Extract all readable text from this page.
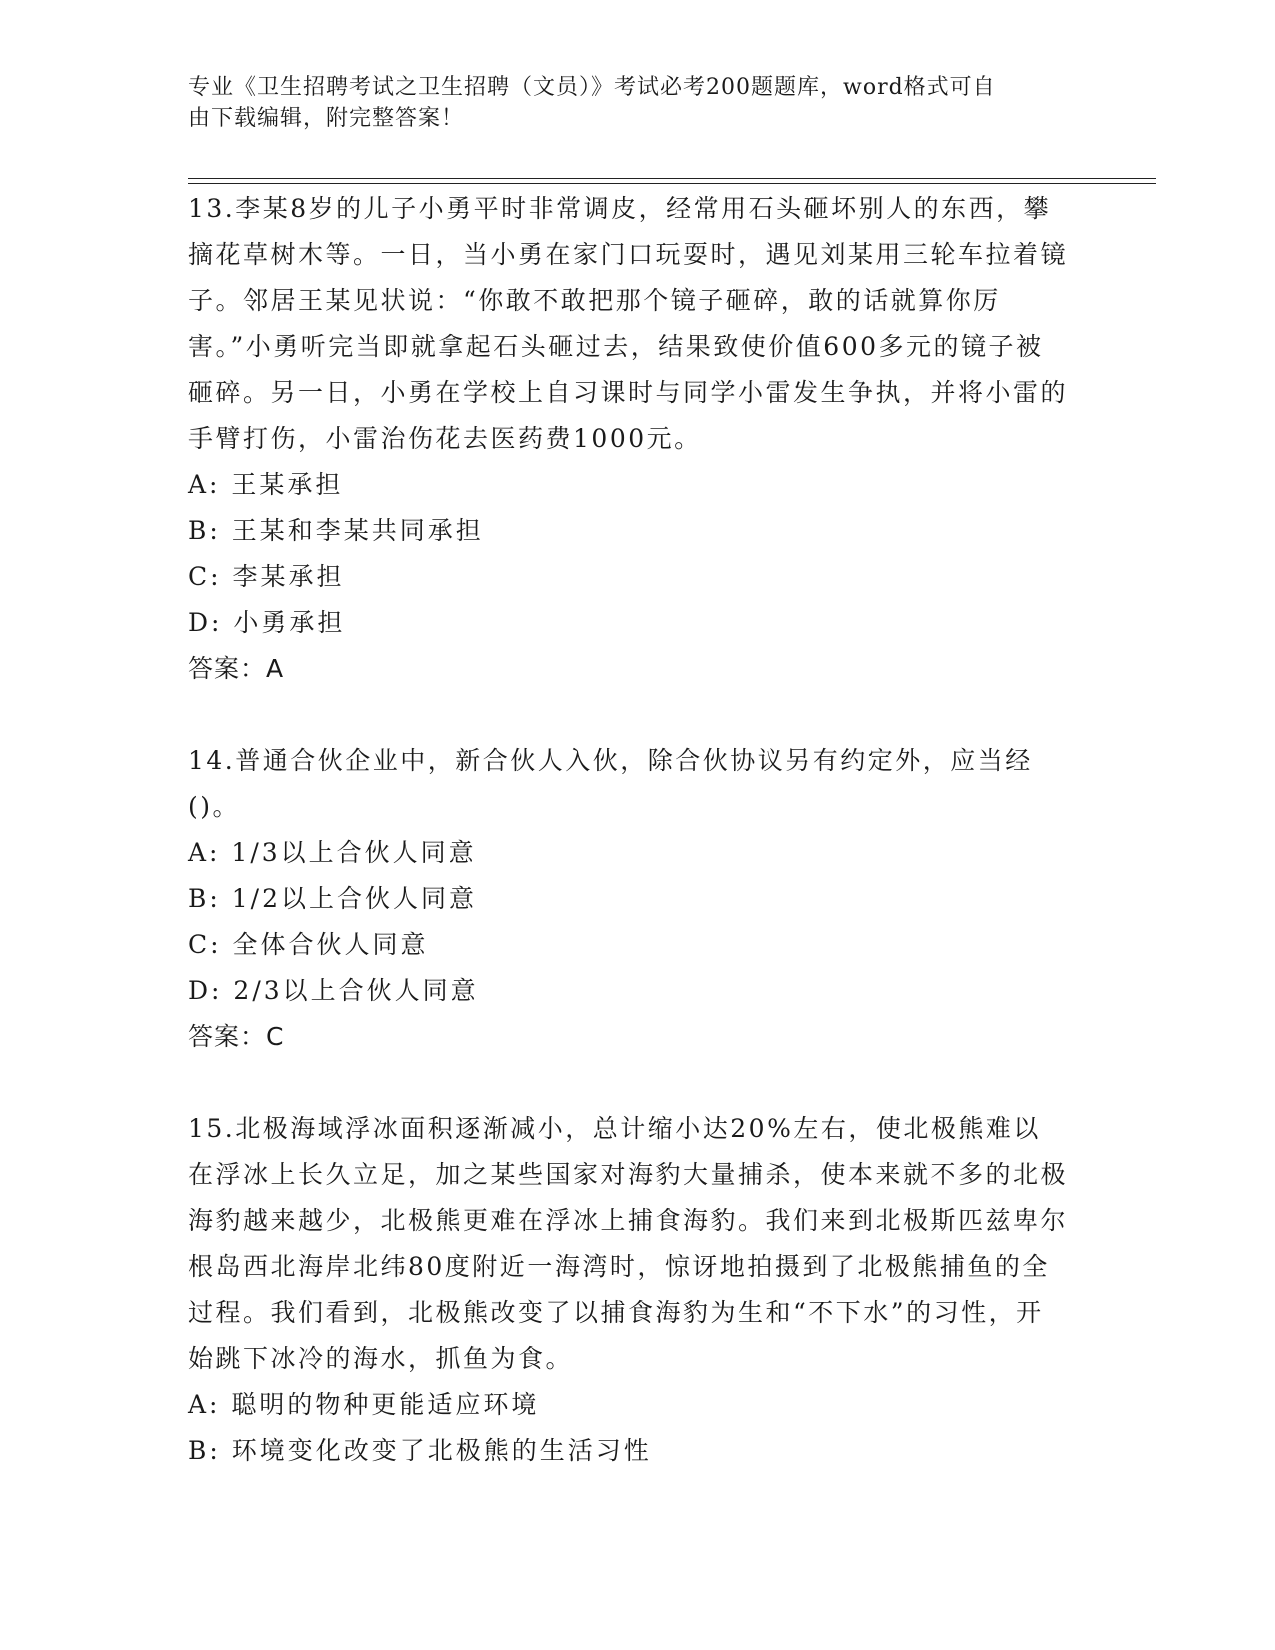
专业《卫生招聘考试之卫生招聘（文员）》考试必考200题题库，word格式可自
由下载编辑，附完整答案！

13.李某8岁的儿子小勇平时非常调皮，经常用石头砸坏别人的东西，攀摘花草树木等。一日，当小勇在家门口玩耍时，遇见刘某用三轮车拉着镜子。邻居王某见状说：“你敢不敢把那个镜子砸碎，敢的话就算你厉害。”小勇听完当即就拿起石头砸过去，结果致使价值600多元的镜子被砸碎。另一日，小勇在学校上自习课时与同学小雷发生争执，并将小雷的手臂打伤，小雷治伤花去医药费1000元。

A: 王某承担

B: 王某和李某共同承担

C: 李某承担

D: 小勇承担

答案：A

14.普通合伙企业中，新合伙人入伙，除合伙协议另有约定外，应当经()。

A: 1/3以上合伙人同意

B: 1/2以上合伙人同意

C: 全体合伙人同意

D: 2/3以上合伙人同意

答案：C

15.北极海域浮冰面积逐渐减小，总计缩小达20%左右，使北极熊难以在浮冰上长久立足，加之某些国家对海豹大量捕杀，使本来就不多的北极海豹越来越少，北极熊更难在浮冰上捕食海豹。我们来到北极斯匹兹卑尔根岛西北海岸北纬80度附近一海湾时，惊讶地拍摄到了北极熊捕鱼的全过程。我们看到，北极熊改变了以捕食海豹为生和“不下水”的习性，开始跳下冰冷的海水，抓鱼为食。

A: 聪明的物种更能适应环境

B: 环境变化改变了北极熊的生活习性
